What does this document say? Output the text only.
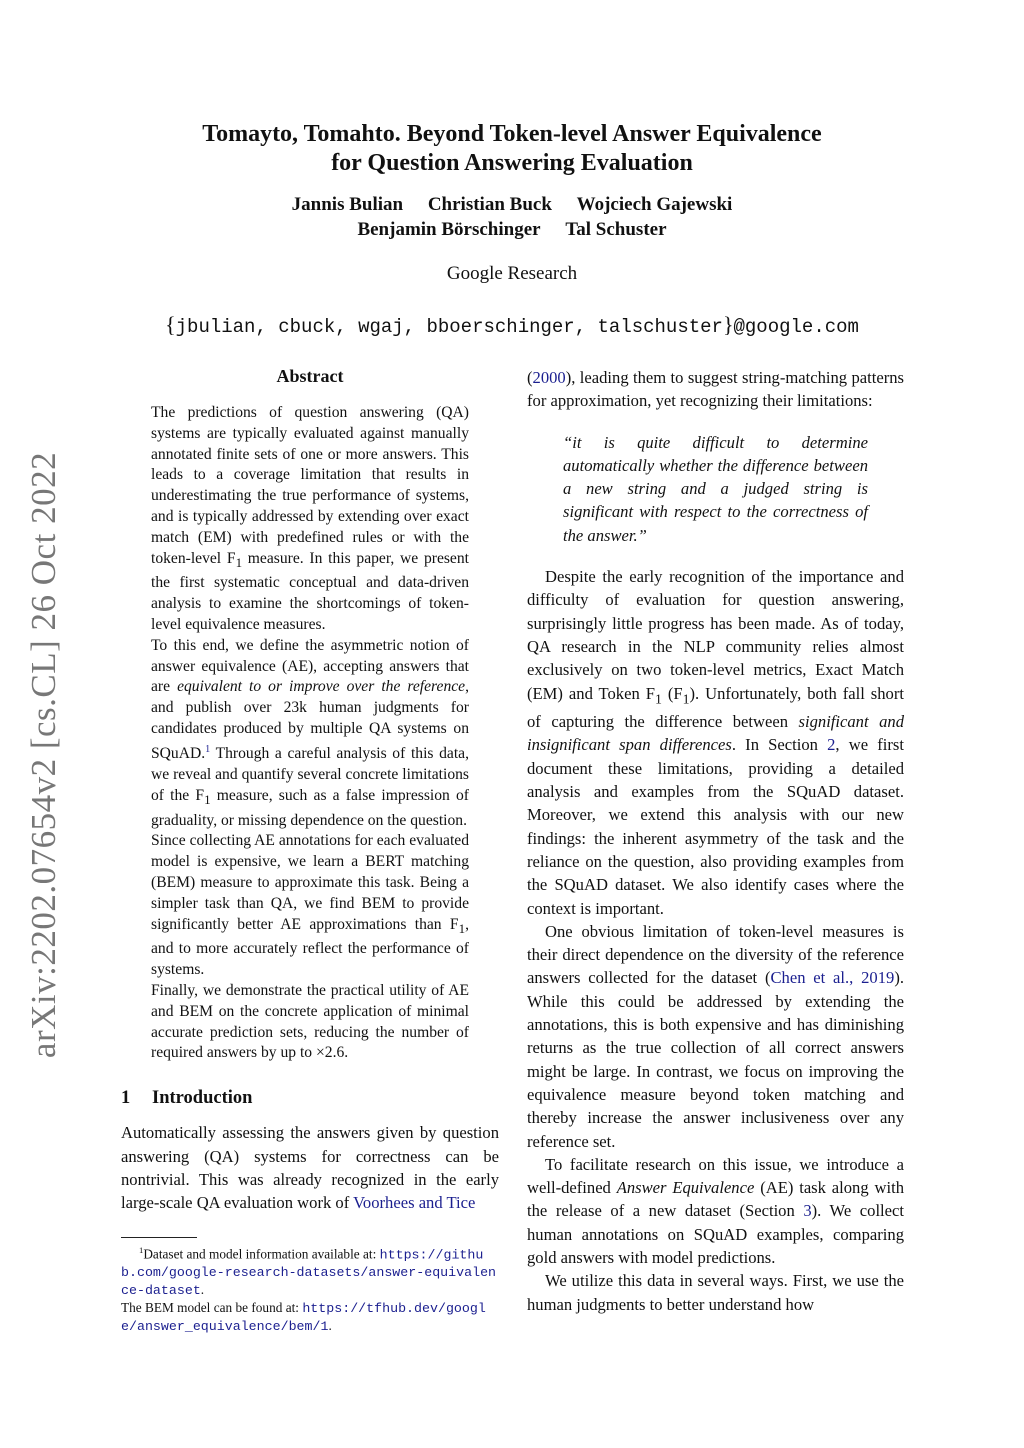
arXiv:2202.07654v2 [cs.CL] 26 Oct 2022
Tomayto, Tomahto. Beyond Token-level Answer Equivalence
for Question Answering Evaluation
Jannis Bulian Christian Buck Wojciech Gajewski
Benjamin Börschinger Tal Schuster
Google Research
{jbulian, cbuck, wgaj, bboerschinger, talschuster}@google.com
Abstract

The predictions of question answering (QA) systems are typically evaluated against manually annotated finite sets of one or more answers. This leads to a coverage limitation that results in underestimating the true performance of systems, and is typically addressed by extending over exact match (EM) with predefined rules or with the token-level $F_1$ measure. In this paper, we present the first systematic conceptual and data-driven analysis to examine the shortcomings of token-level equivalence measures.

To this end, we define the asymmetric notion of answer equivalence (AE), accepting answers that are equivalent to or improve over the reference, and publish over 23k human judgments for candidates produced by multiple QA systems on SQuAD.$^1$ Through a careful analysis of this data, we reveal and quantify several concrete limitations of the $F_1$ measure, such as a false impression of graduality, or missing dependence on the question.

Since collecting AE annotations for each evaluated model is expensive, we learn a BERT matching (BEM) measure to approximate this task. Being a simpler task than QA, we find BEM to provide significantly better AE approximations than $F_1$, and to more accurately reflect the performance of systems.

Finally, we demonstrate the practical utility of AE and BEM on the concrete application of minimal accurate prediction sets, reducing the number of required answers by up to ×2.6.

1 Introduction

Automatically assessing the answers given by question answering (QA) systems for correctness can be nontrivial. This was already recognized in the early large-scale QA evaluation work of Voorhees and Tice

(2000), leading them to suggest string-matching patterns for approximation, yet recognizing their limitations:

“it is quite difficult to determine automatically whether the difference between a new string and a judged string is significant with respect to the correctness of the answer.”

Despite the early recognition of the importance and difficulty of evaluation for question answering, surprisingly little progress has been made. As of today, QA research in the NLP community relies almost exclusively on two token-level metrics, Exact Match (EM) and Token $F_1$ $(F_1)$. Unfortunately, both fall short of capturing the difference between significant and insignificant span differences. In Section 2, we first document these limitations, providing a detailed analysis and examples from the SQuAD dataset. Moreover, we extend this analysis with our new findings: the inherent asymmetry of the task and the reliance on the question, also providing examples from the SQuAD dataset. We also identify cases where the context is important.

One obvious limitation of token-level measures is their direct dependence on the diversity of the reference answers collected for the dataset (Chen et al., 2019). While this could be addressed by extending the annotations, this is both expensive and has diminishing returns as the true collection of all correct answers might be large. In contrast, we focus on improving the equivalence measure beyond token matching and thereby increase the answer inclusiveness over any reference set.

To facilitate research on this issue, we introduce a well-defined Answer Equivalence (AE) task along with the release of a new dataset (Section 3). We collect human annotations on SQuAD examples, comparing gold answers with model predictions.

We utilize this data in several ways. First, we use the human judgments to better understand how

$^1$Dataset and model information available at: https://github.com/google-research-datasets/answer-equivalence-dataset.

The BEM model can be found at: https://tfhub.dev/google/answer_equivalence/bem/1.
